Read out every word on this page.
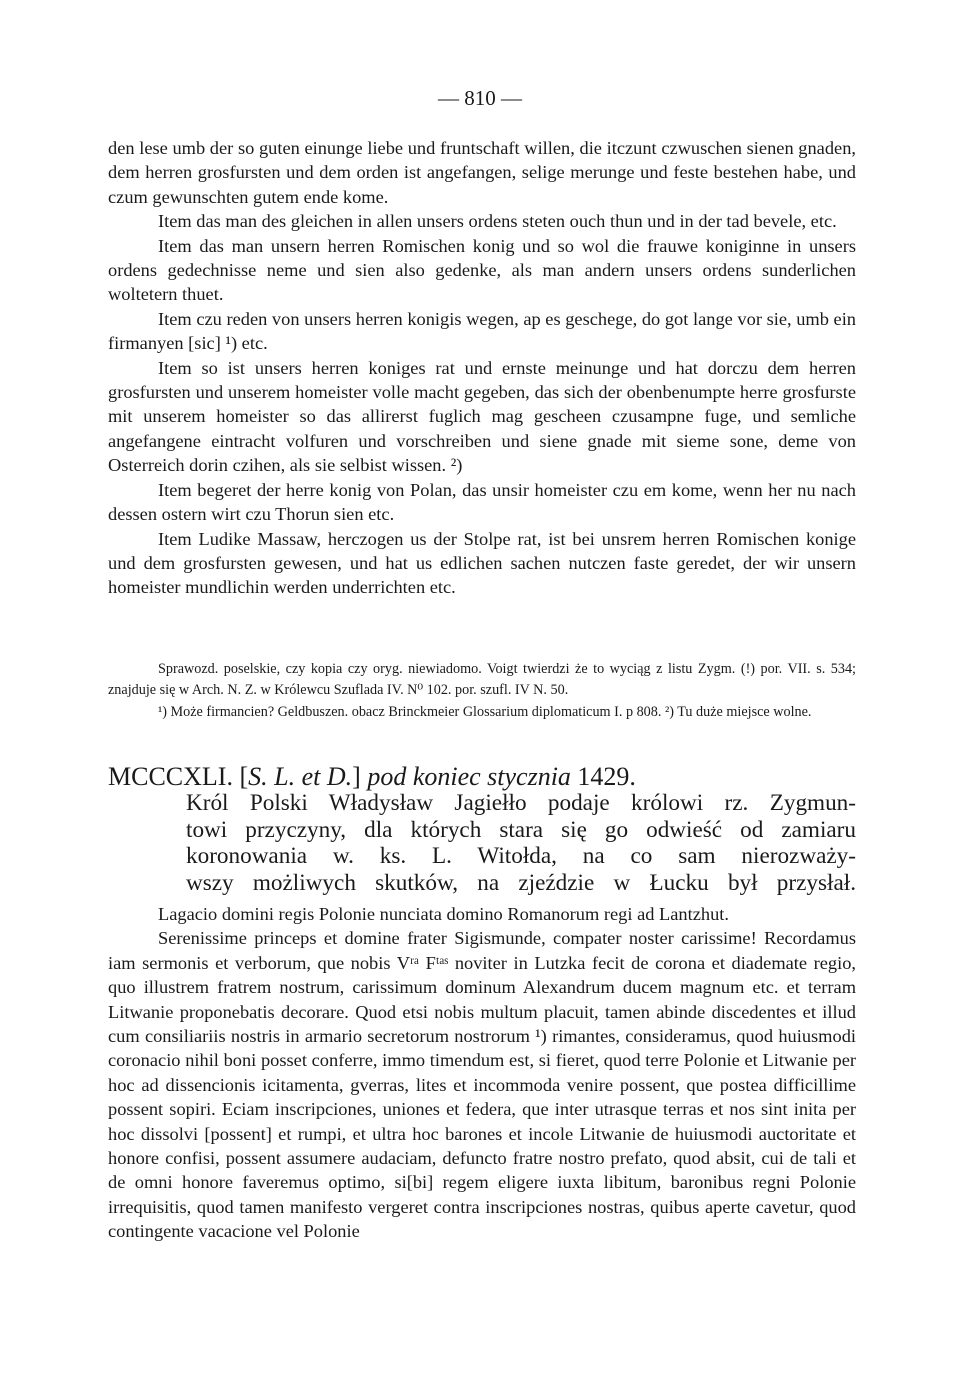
— 810 —

den lese umb der so guten einunge liebe und fruntschaft willen, die itczunt czwuschen sienen gnaden, dem herren grosfursten und dem orden ist angefangen, selige merunge und feste bestehen habe, und czum gewunschten gutem ende kome.

Item das man des gleichen in allen unsers ordens steten ouch thun und in der tad bevele, etc.

Item das man unsern herren Romischen konig und so wol die frauwe koniginne in unsers ordens gedechnisse neme und sien also gedenke, als man andern unsers ordens sunderlichen woltetern thuet.

Item czu reden von unsers herren konigis wegen, ap es geschege, do got lange vor sie, umb ein firmanyen [sic] ¹) etc.

Item so ist unsers herren koniges rat und ernste meinunge und hat dorczu dem herren grosfursten und unserem homeister volle macht gegeben, das sich der obenbenumpte herre grosfurste mit unserem homeister so das allirerst fuglich mag gescheen czusampne fuge, und semliche angefangene eintracht volfuren und vorschreiben und siene gnade mit sieme sone, deme von Osterreich dorin czihen, als sie selbist wissen. ²)

Item begeret der herre konig von Polan, das unsir homeister czu em kome, wenn her nu nach dessen ostern wirt czu Thorun sien etc.

Item Ludike Massaw, herczogen us der Stolpe rat, ist bei unsrem herren Romischen konige und dem grosfursten gewesen, und hat us edlichen sachen nutczen faste geredet, der wir unsern homeister mundlichin werden underrichten etc.

Sprawozd. poselskie, czy kopia czy oryg. niewiadomo. Voigt twierdzi że to wyciąg z listu Zygm. (!) por. VII. s. 534; znajduje się w Arch. N. Z. w Królewcu Szuflada IV. N⁰ 102. por. szufl. IV N. 50.

¹) Może firmancien? Geldbuszen. obacz Brinckmeier Glossarium diplomaticum I. p 808. ²) Tu duże miejsce wolne.

MCCCXLI. [S. L. et D.] pod koniec stycznia 1429.
Król Polski Władysław Jagiełło podaje królowi rz. Zygmun-
towi przyczyny, dla których stara się go odwieść od zamiaru
koronowania w. ks. L. Witołda, na co sam nierozważy-
wszy możliwych skutków, na zjeździe w Łucku był przysłał.

Lagacio domini regis Polonie nunciata domino Romanorum regi ad Lantzhut.

Serenissime princeps et domine frater Sigismunde, compater noster carissime! Recordamus iam sermonis et verborum, que nobis Vʳᵃ Fᵗᵃˢ noviter in Lutzka fecit de corona et diademate regio, quo illustrem fratrem nostrum, carissimum dominum Alexandrum ducem magnum etc. et terram Litwanie proponebatis decorare. Quod etsi nobis multum placuit, tamen abinde discedentes et illud cum consiliariis nostris in armario secretorum nostrorum ¹) rimantes, consideramus, quod huiusmodi coronacio nihil boni posset conferre, immo timendum est, si fieret, quod terre Polonie et Litwanie per hoc ad dissencionis icitamenta, gverras, lites et incommoda venire possent, que postea difficillime possent sopiri. Eciam inscripciones, uniones et federa, que inter utrasque terras et nos sint inita per hoc dissolvi [possent] et rumpi, et ultra hoc barones et incole Litwanie de huiusmodi auctoritate et honore confisi, possent assumere audaciam, defuncto fratre nostro prefato, quod absit, cui de tali et de omni honore faveremus optimo, si[bi] regem eligere iuxta libitum, baronibus regni Polonie irrequisitis, quod tamen manifesto vergeret contra inscripciones nostras, quibus aperte cavetur, quod contingente vacacione vel Polonie
